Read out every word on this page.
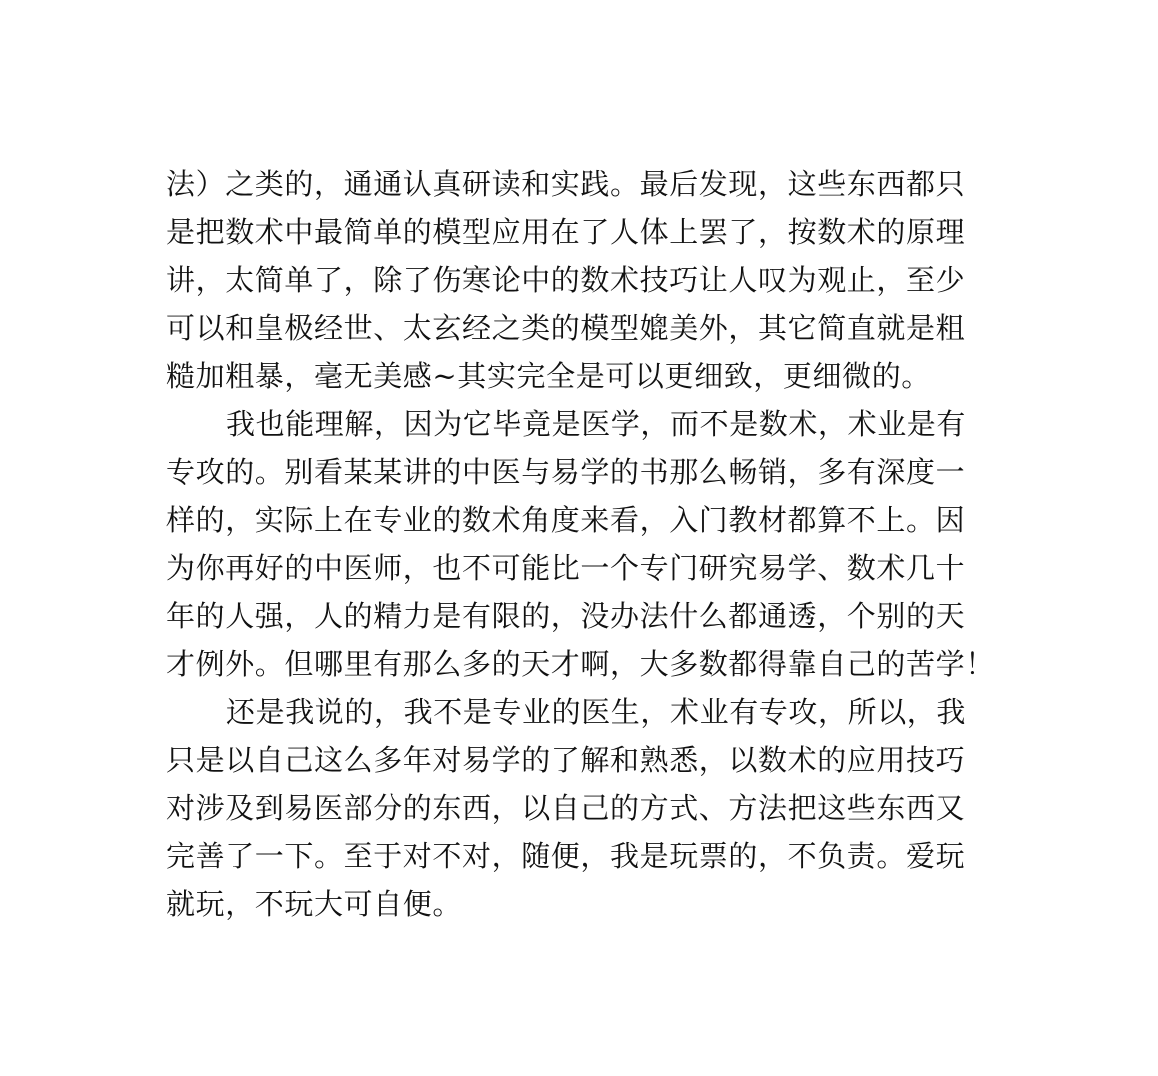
法）之类的，通通认真研读和实践。最后发现，这些东西都只
是把数术中最简单的模型应用在了人体上罢了，按数术的原理
讲，太简单了，除了伤寒论中的数术技巧让人叹为观止，至少
可以和皇极经世、太玄经之类的模型媲美外，其它简直就是粗
糙加粗暴，毫无美感~其实完全是可以更细致，更细微的。
我也能理解，因为它毕竟是医学，而不是数术，术业是有
专攻的。别看某某讲的中医与易学的书那么畅销，多有深度一
样的，实际上在专业的数术角度来看，入门教材都算不上。因
为你再好的中医师，也不可能比一个专门研究易学、数术几十
年的人强，人的精力是有限的，没办法什么都通透，个别的天
才例外。但哪里有那么多的天才啊，大多数都得靠自己的苦学！
还是我说的，我不是专业的医生，术业有专攻，所以，我
只是以自己这么多年对易学的了解和熟悉，以数术的应用技巧
对涉及到易医部分的东西，以自己的方式、方法把这些东西又
完善了一下。至于对不对，随便，我是玩票的，不负责。爱玩
就玩，不玩大可自便。
